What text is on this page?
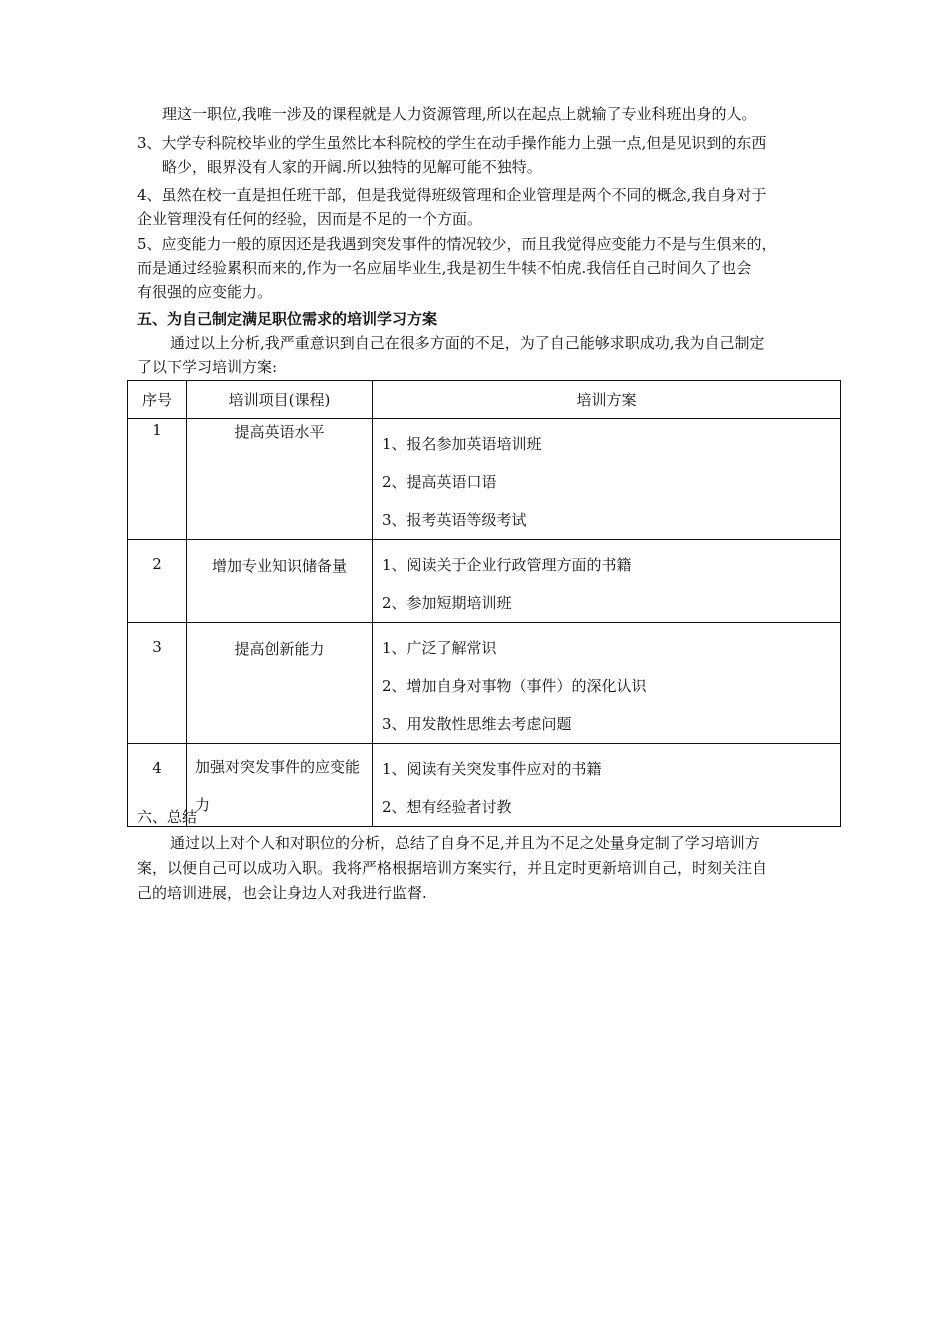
理这一职位,我唯一涉及的课程就是人力资源管理,所以在起点上就输了专业科班出身的人。
3、大学专科院校毕业的学生虽然比本科院校的学生在动手操作能力上强一点,但是见识到的东西
略少，眼界没有人家的开阔.所以独特的见解可能不独特。
4、虽然在校一直是担任班干部，但是我觉得班级管理和企业管理是两个不同的概念,我自身对于
企业管理没有任何的经验，因而是不足的一个方面。
5、应变能力一般的原因还是我遇到突发事件的情况较少，而且我觉得应变能力不是与生俱来的，
而是通过经验累积而来的,作为一名应届毕业生,我是初生牛犊不怕虎.我信任自己时间久了也会
有很强的应变能力。
五、为自己制定满足职位需求的培训学习方案
通过以上分析,我严重意识到自己在很多方面的不足，为了自己能够求职成功,我为自己制定
了以下学习培训方案:
序号	培训项目(课程)	培训方案

1	提高英语水平	1、报名参加英语培训班
2、提高英语口语
3、报考英语等级考试

2	增加专业知识储备量	1、阅读关于企业行政管理方面的书籍
2、参加短期培训班

3	提高创新能力	1、广泛了解常识
2、增加自身对事物（事件）的深化认识
3、用发散性思维去考虑问题

4	加强对突发事件的应变能力	1、阅读有关突发事件应对的书籍
2、想有经验者讨教
六、总结
通过以上对个人和对职位的分析，总结了自身不足,并且为不足之处量身定制了学习培训方
案，以便自己可以成功入职。我将严格根据培训方案实行，并且定时更新培训自己，时刻关注自
己的培训进展，也会让身边人对我进行监督.
